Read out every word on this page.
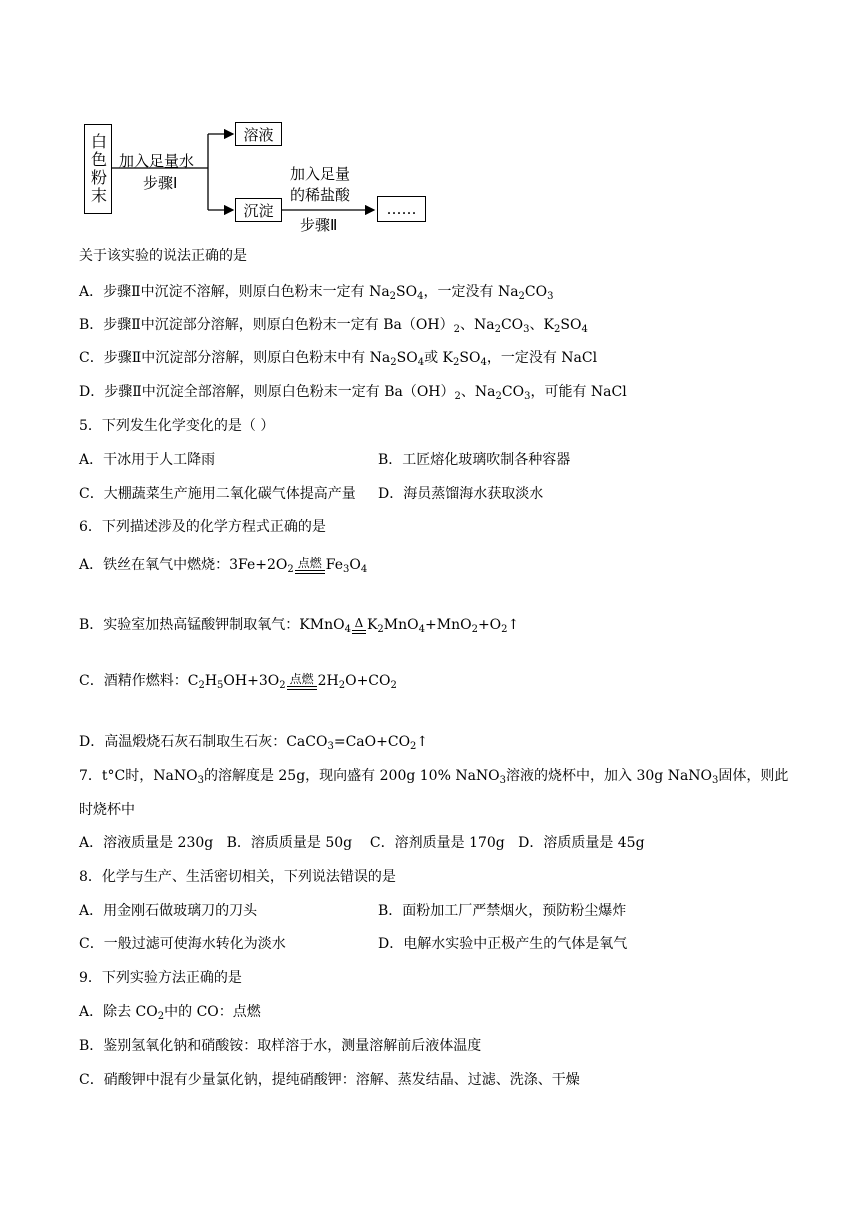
白色粉末 加入足量水
步骤Ⅰ
溶液
沉淀
加入足量
的稀盐酸
步骤Ⅱ
……
关于该实验的说法正确的是
A．步骤Ⅱ中沉淀不溶解，则原白色粉末一定有 $Na_2SO_4$，一定没有 $Na_2CO_3$
B．步骤Ⅱ中沉淀部分溶解，则原白色粉末一定有 $Ba(OH)_2$、$Na_2CO_3$、$K_2SO_4$
C．步骤Ⅱ中沉淀部分溶解，则原白色粉末中有 $Na_2SO_4$或 $K_2SO_4$，一定没有 NaCl
D．步骤Ⅱ中沉淀全部溶解，则原白色粉末一定有 $Ba(OH)_2$、$Na_2CO_3$，可能有 NaCl
5．下列发生化学变化的是（ ）
A．干冰用于人工降雨	B．工匠熔化玻璃吹制各种容器
C．大棚蔬菜生产施用二氧化碳气体提高产量 D．海员蒸馏海水获取淡水
6．下列描述涉及的化学方程式正确的是
A．铁丝在氧气中燃烧：$3Fe+2O_2$ 点燃 $Fe_3O_4$
B．实验室加热高锰酸钾制取氧气：KMnO$_4$ Δ $K_2MnO_4+MnO_2+O_2↑$
C．酒精作燃料：$C_2H_5OH+3O_2$ 点燃 $2H_2O+CO_2$
D．高温煅烧石灰石制取生石灰：$CaCO_3=CaO+CO_2↑$
7．t°C时，NaNO$_3$的溶解度是 25g，现向盛有 200g 10% NaNO$_3$溶液的烧杯中，加入 30g NaNO$_3$固体，则此
时烧杯中
A．溶液质量是 230g   B．溶质质量是 50g    C．溶剂质量是 170g   D．溶质质量是 45g
8．化学与生产、生活密切相关，下列说法错误的是
A．用金刚石做玻璃刀的刀头	B．面粉加工厂严禁烟火，预防粉尘爆炸
C．一般过滤可使海水转化为淡水	D．电解水实验中正极产生的气体是氧气
9．下列实验方法正确的是
A．除去 $CO_2$中的 CO：点燃
B．鉴别氢氧化钠和硝酸铵：取样溶于水，测量溶解前后液体温度
C．硝酸钾中混有少量氯化钠，提纯硝酸钾：溶解、蒸发结晶、过滤、洗涤、干燥
